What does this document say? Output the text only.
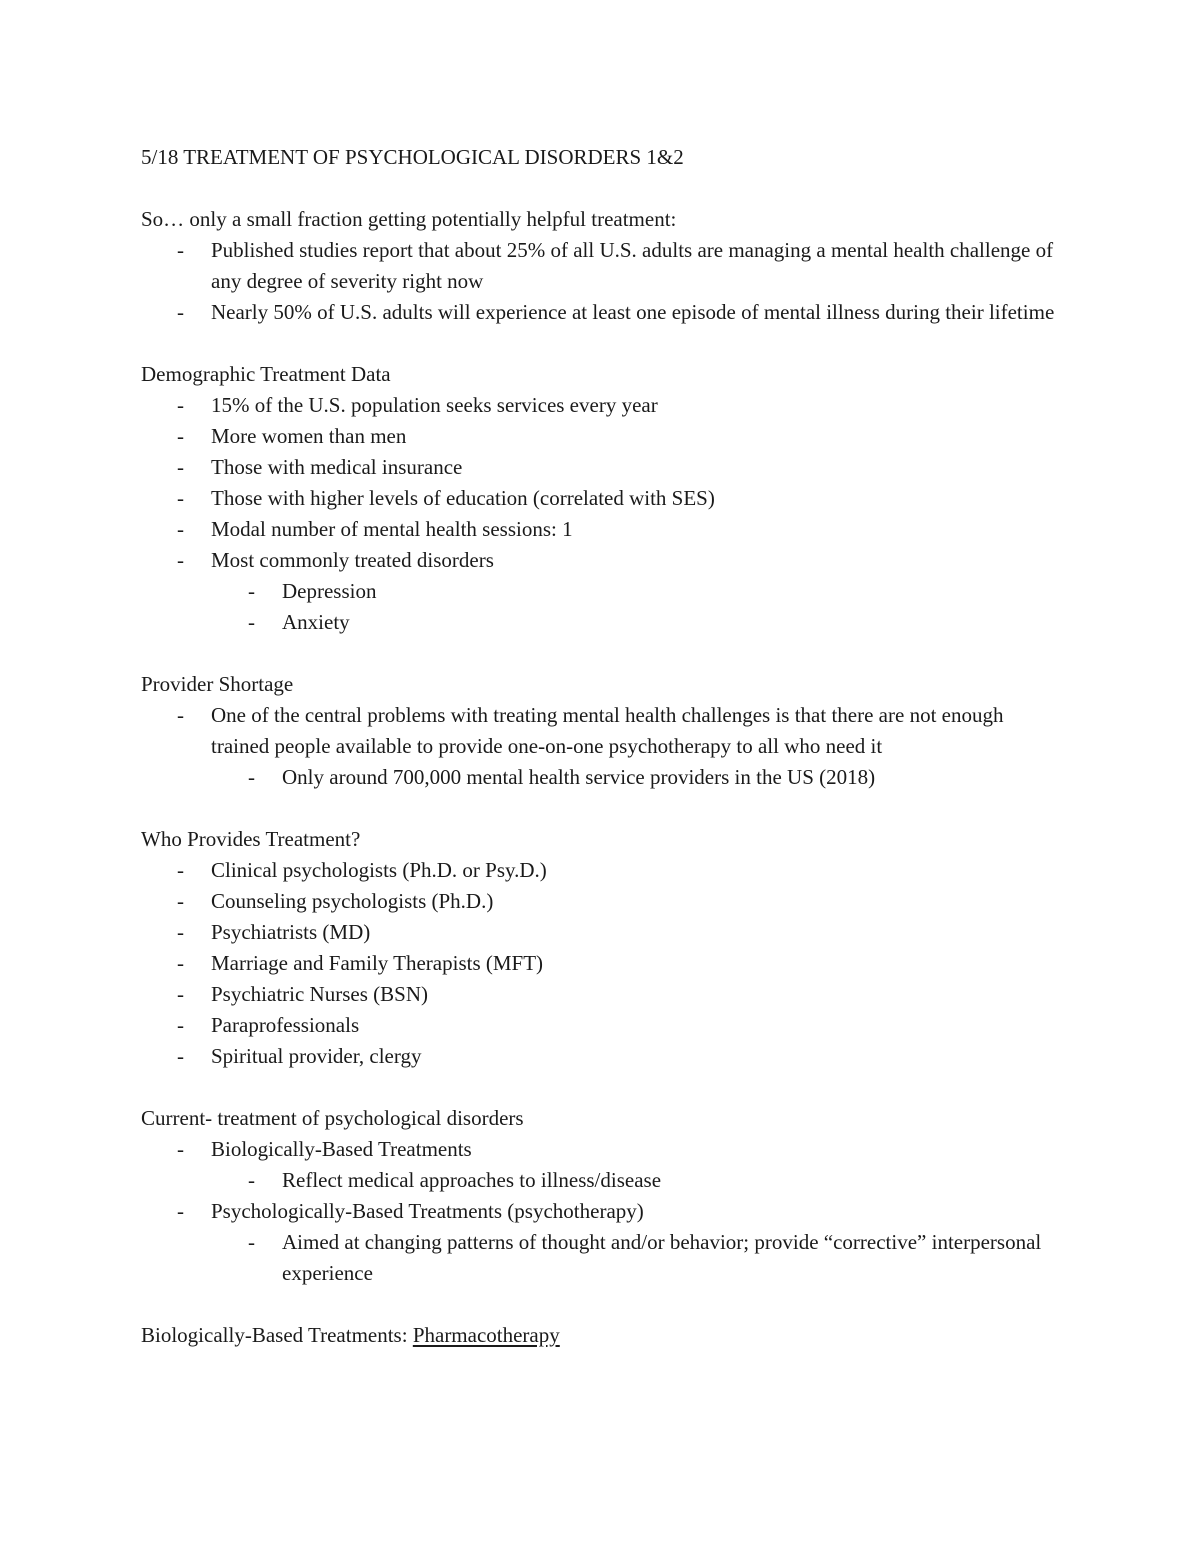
5/18 TREATMENT OF PSYCHOLOGICAL DISORDERS 1&2
So… only a small fraction getting potentially helpful treatment:
- Published studies report that about 25% of all U.S. adults are managing a mental health challenge of any degree of severity right now
- Nearly 50% of U.S. adults will experience at least one episode of mental illness during their lifetime
Demographic Treatment Data
- 15% of the U.S. population seeks services every year
- More women than men
- Those with medical insurance
- Those with higher levels of education (correlated with SES)
- Modal number of mental health sessions: 1
- Most commonly treated disorders
- Depression
- Anxiety
Provider Shortage
- One of the central problems with treating mental health challenges is that there are not enough trained people available to provide one-on-one psychotherapy to all who need it
- Only around 700,000 mental health service providers in the US (2018)
Who Provides Treatment?
- Clinical psychologists (Ph.D. or Psy.D.)
- Counseling psychologists (Ph.D.)
- Psychiatrists (MD)
- Marriage and Family Therapists (MFT)
- Psychiatric Nurses (BSN)
- Paraprofessionals
- Spiritual provider, clergy
Current- treatment of psychological disorders
- Biologically-Based Treatments
- Reflect medical approaches to illness/disease
- Psychologically-Based Treatments (psychotherapy)
- Aimed at changing patterns of thought and/or behavior; provide “corrective” interpersonal experience
Biologically-Based Treatments: Pharmacotherapy
